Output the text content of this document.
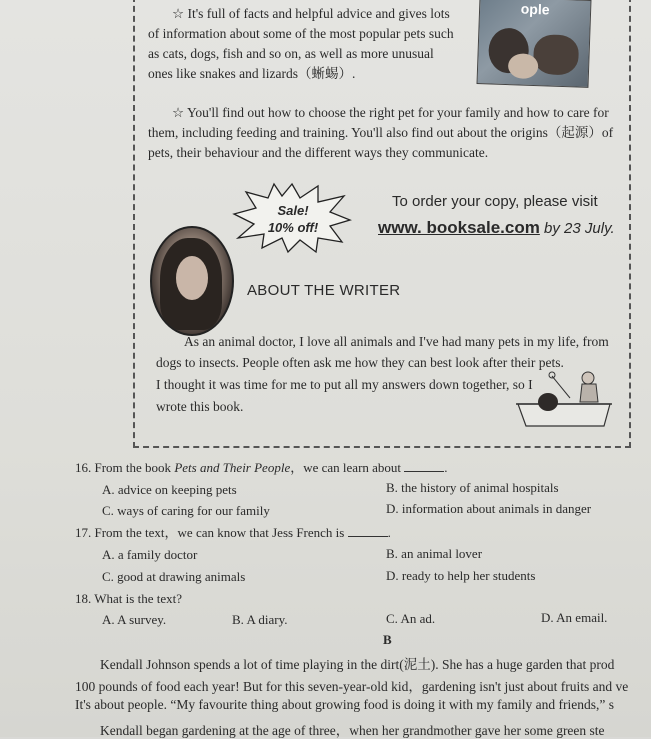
ople
☆ It's full of facts and helpful advice and gives lots
of information about some of the most popular pets such
as cats, dogs, fish and so on, as well as more unusual
ones like snakes and lizards（蜥蜴）.
☆ You'll find out how to choose the right pet for your family and how to care for
them, including feeding and training. You'll also find out about the origins（起源）of
pets, their behaviour and the different ways they communicate.
Sale!
10% off!
To order your copy, please visit
www. booksale.com by 23 July.
ABOUT THE WRITER
As an animal doctor, I love all animals and I've had many pets in my life, from
dogs to insects. People often ask me how they can best look after their pets.
I thought it was time for me to put all my answers down together, so I
wrote this book.
16. From the book Pets and Their People，we can learn about	.
A. advice on keeping pets	B. the history of animal hospitals
C. ways of caring for our family	D. information about animals in danger
17. From the text，we can know that Jess French is	.
A. a family doctor	B. an animal lover
C. good at drawing animals	D. ready to help her students
18. What is the text?
A. A survey.	B. A diary.	C. An ad.	D. An email.
B
Kendall Johnson spends a lot of time playing in the dirt(泥土). She has a huge garden that prod
100 pounds of food each year! But for this seven-year-old kid，gardening isn't just about fruits and ve
It's about people. “My favourite thing about growing food is doing it with my family and friends,” s
Kendall began gardening at the age of three，when her grandmother gave her some green ste
